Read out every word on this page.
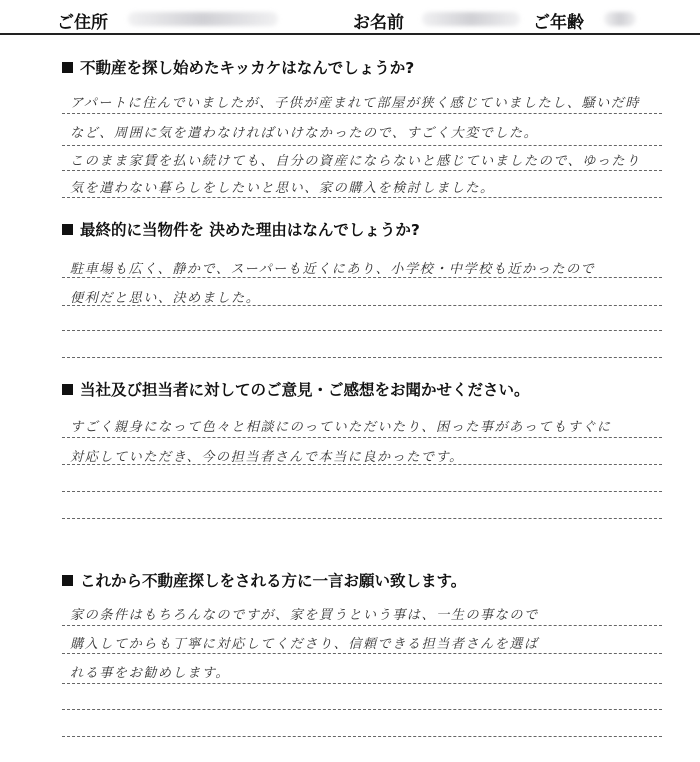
ご住所	お名前	ご年齢
不動産を探し始めたキッカケはなんでしょうか?
アパートに住んでいましたが、子供が産まれて部屋が狭く感じていましたし、騒いだ時
など、周囲に気を遣わなければいけなかったので、すごく大変でした。
このまま家賃を払い続けても、自分の資産にならないと感じていましたので、ゆったり
気を遣わない暮らしをしたいと思い、家の購入を検討しました。
最終的に当物件を 決めた理由はなんでしょうか?
駐車場も広く、静かで、スーパーも近くにあり、小学校・中学校も近かったので
便利だと思い、決めました。
当社及び担当者に対してのご意見・ご感想をお聞かせください。
すごく親身になって色々と相談にのっていただいたり、困った事があってもすぐに
対応していただき、今の担当者さんで本当に良かったです。
これから不動産探しをされる方に一言お願い致します。
家の条件はもちろんなのですが、家を買うという事は、一生の事なので
購入してからも丁寧に対応してくださり、信頼できる担当者さんを選ば
れる事をお勧めします。
